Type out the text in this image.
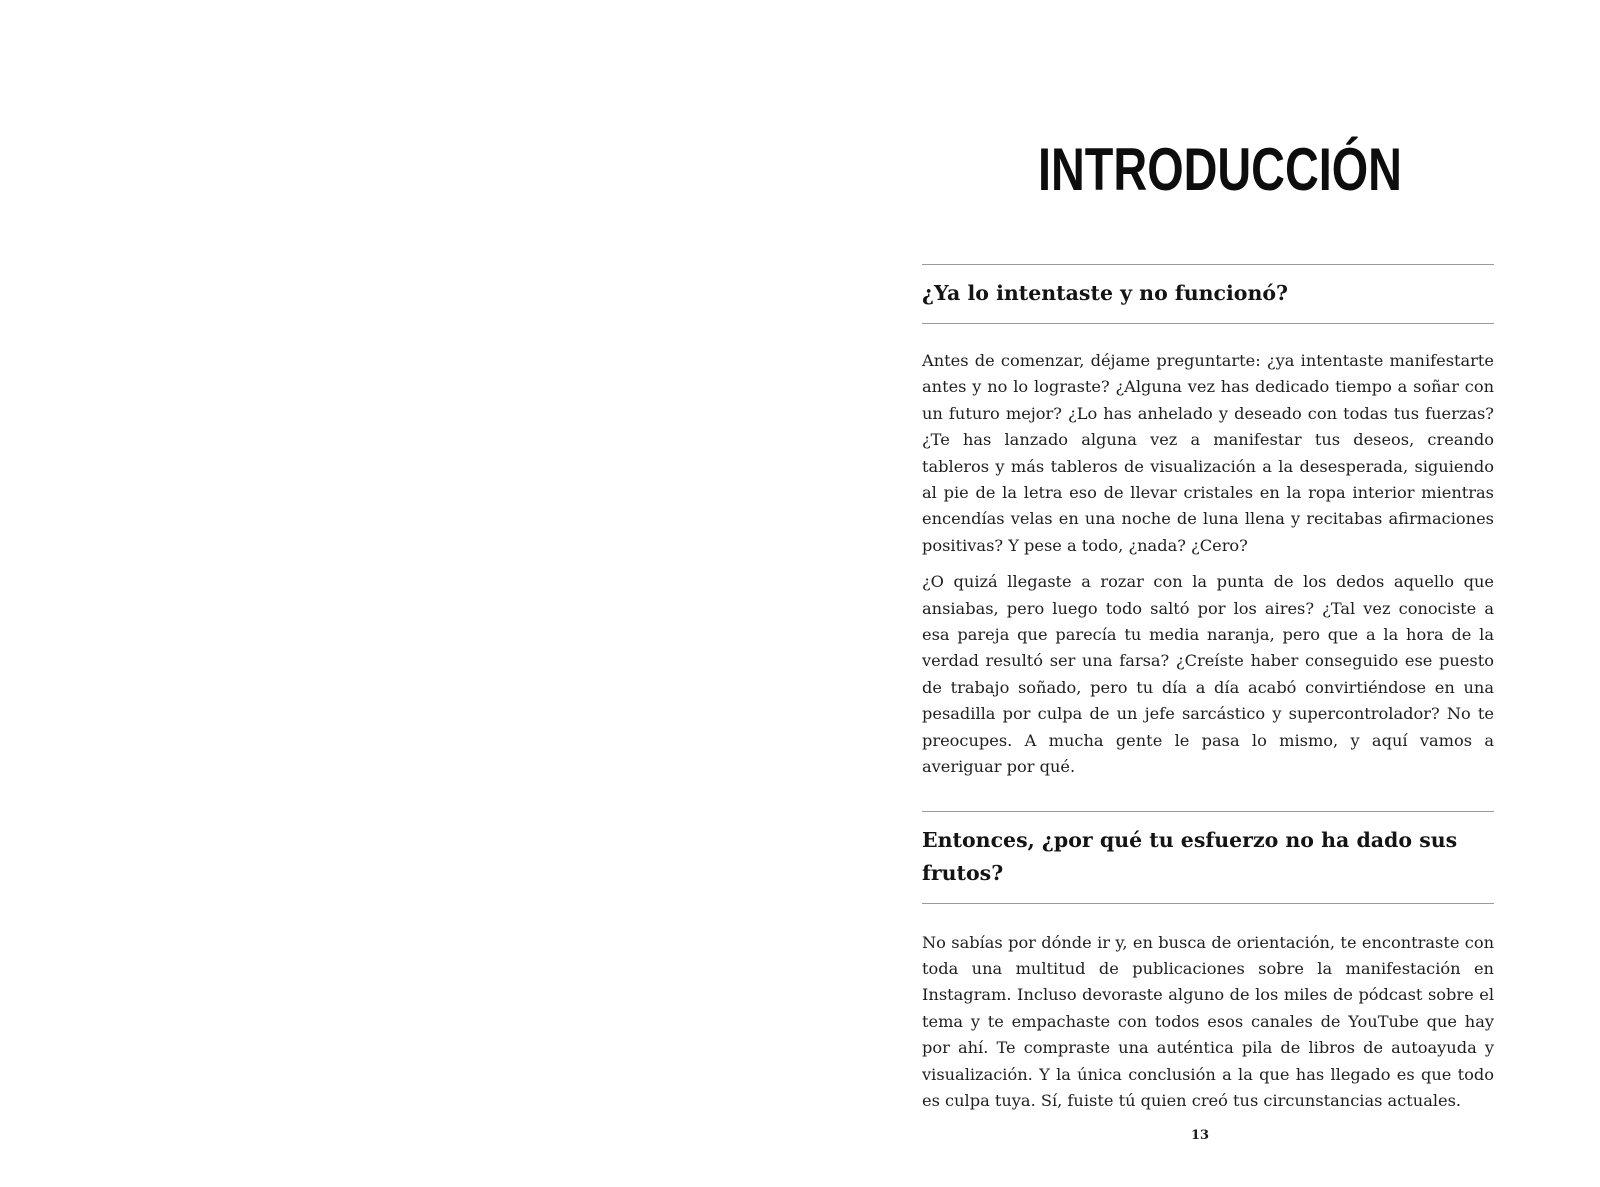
INTRODUCCIÓN
¿Ya lo intentaste y no funcionó?

Antes de comenzar, déjame preguntarte: ¿ya intentaste manifestarte antes y no lo lograste? ¿Alguna vez has dedicado tiempo a soñar con un futuro mejor? ¿Lo has anhelado y deseado con todas tus fuerzas? ¿Te has lanzado alguna vez a manifestar tus deseos, creando tableros y más tableros de visualización a la desesperada, siguiendo al pie de la letra eso de llevar cristales en la ropa interior mientras encendías velas en una noche de luna llena y recitabas afirmaciones positivas? Y pese a todo, ¿nada? ¿Cero?

¿O quizá llegaste a rozar con la punta de los dedos aquello que ansiabas, pero luego todo saltó por los aires? ¿Tal vez conociste a esa pareja que parecía tu media naranja, pero que a la hora de la verdad resultó ser una farsa? ¿Creíste haber conseguido ese puesto de trabajo soñado, pero tu día a día acabó convirtiéndose en una pesadilla por culpa de un jefe sarcástico y supercontrolador? No te preocupes. A mucha gente le pasa lo mismo, y aquí vamos a averiguar por qué.

Entonces, ¿por qué tu esfuerzo no ha dado sus frutos?

No sabías por dónde ir y, en busca de orientación, te encontraste con toda una multitud de publicaciones sobre la manifestación en Instagram. Incluso devoraste alguno de los miles de pódcast sobre el tema y te empachaste con todos esos canales de YouTube que hay por ahí. Te compraste una auténtica pila de libros de autoayuda y visualización. Y la única conclusión a la que has llegado es que todo es culpa tuya. Sí, fuiste tú quien creó tus circunstancias actuales.

13
